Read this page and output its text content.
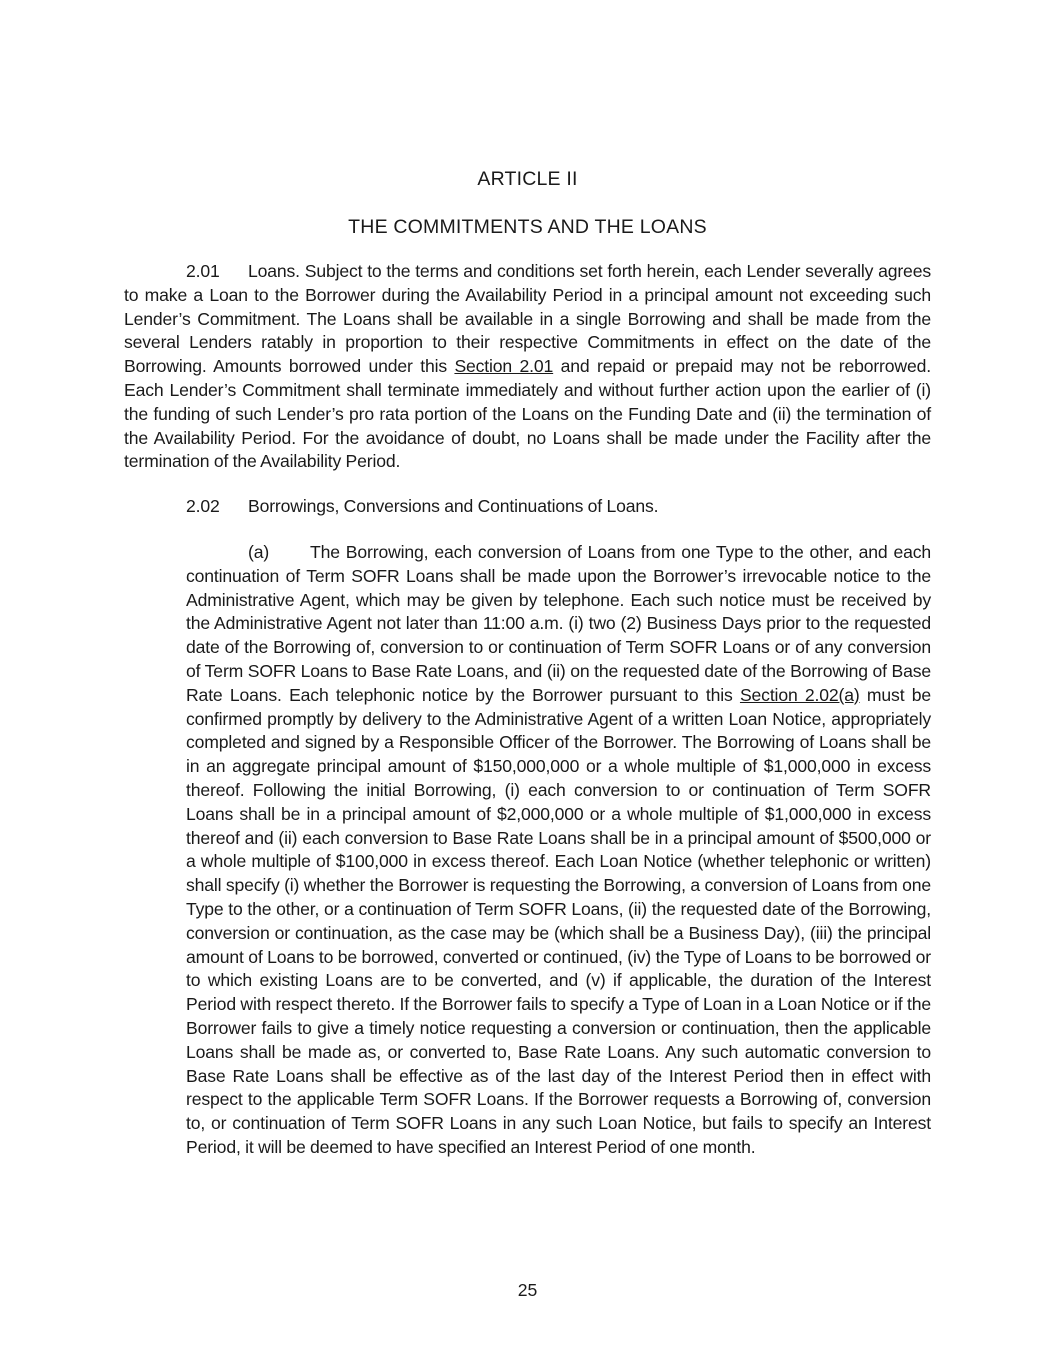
ARTICLE II
THE COMMITMENTS AND THE LOANS

2.01 Loans. Subject to the terms and conditions set forth herein, each Lender severally agrees to make a Loan to the Borrower during the Availability Period in a principal amount not exceeding such Lender’s Commitment. The Loans shall be available in a single Borrowing and shall be made from the several Lenders ratably in proportion to their respective Commitments in effect on the date of the Borrowing. Amounts borrowed under this Section 2.01 and repaid or prepaid may not be reborrowed. Each Lender’s Commitment shall terminate immediately and without further action upon the earlier of (i) the funding of such Lender’s pro rata portion of the Loans on the Funding Date and (ii) the termination of the Availability Period. For the avoidance of doubt, no Loans shall be made under the Facility after the termination of the Availability Period.

2.02 Borrowings, Conversions and Continuations of Loans.

(a) The Borrowing, each conversion of Loans from one Type to the other, and each continuation of Term SOFR Loans shall be made upon the Borrower’s irrevocable notice to the Administrative Agent, which may be given by telephone. Each such notice must be received by the Administrative Agent not later than 11:00 a.m. (i) two (2) Business Days prior to the requested date of the Borrowing of, conversion to or continuation of Term SOFR Loans or of any conversion of Term SOFR Loans to Base Rate Loans, and (ii) on the requested date of the Borrowing of Base Rate Loans. Each telephonic notice by the Borrower pursuant to this Section 2.02(a) must be confirmed promptly by delivery to the Administrative Agent of a written Loan Notice, appropriately completed and signed by a Responsible Officer of the Borrower. The Borrowing of Loans shall be in an aggregate principal amount of $150,000,000 or a whole multiple of $1,000,000 in excess thereof. Following the initial Borrowing, (i) each conversion to or continuation of Term SOFR Loans shall be in a principal amount of $2,000,000 or a whole multiple of $1,000,000 in excess thereof and (ii) each conversion to Base Rate Loans shall be in a principal amount of $500,000 or a whole multiple of $100,000 in excess thereof. Each Loan Notice (whether telephonic or written) shall specify (i) whether the Borrower is requesting the Borrowing, a conversion of Loans from one Type to the other, or a continuation of Term SOFR Loans, (ii) the requested date of the Borrowing, conversion or continuation, as the case may be (which shall be a Business Day), (iii) the principal amount of Loans to be borrowed, converted or continued, (iv) the Type of Loans to be borrowed or to which existing Loans are to be converted, and (v) if applicable, the duration of the Interest Period with respect thereto. If the Borrower fails to specify a Type of Loan in a Loan Notice or if the Borrower fails to give a timely notice requesting a conversion or continuation, then the applicable Loans shall be made as, or converted to, Base Rate Loans. Any such automatic conversion to Base Rate Loans shall be effective as of the last day of the Interest Period then in effect with respect to the applicable Term SOFR Loans. If the Borrower requests a Borrowing of, conversion to, or continuation of Term SOFR Loans in any such Loan Notice, but fails to specify an Interest Period, it will be deemed to have specified an Interest Period of one month.

25
